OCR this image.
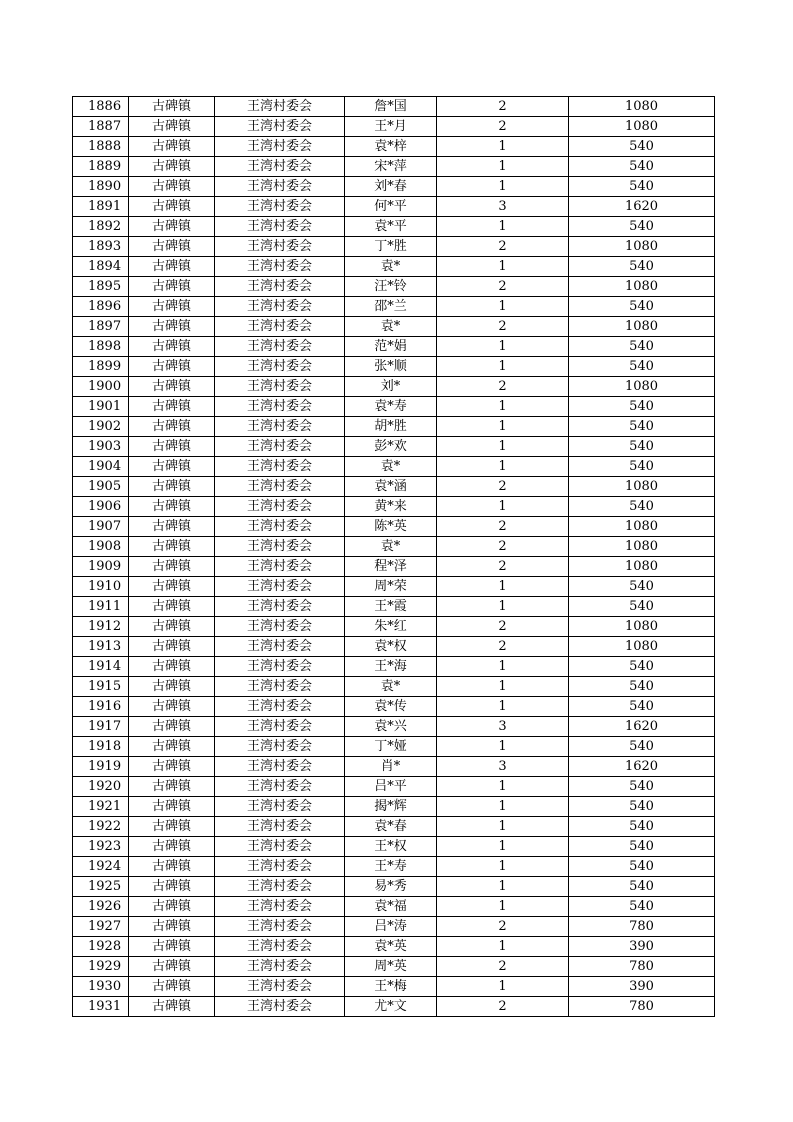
1886	古碑镇	王湾村委会	詹*国	2	1080
1887	古碑镇	王湾村委会	王*月	2	1080
1888	古碑镇	王湾村委会	袁*梓	1	540
1889	古碑镇	王湾村委会	宋*萍	1	540
1890	古碑镇	王湾村委会	刘*春	1	540
1891	古碑镇	王湾村委会	何*平	3	1620
1892	古碑镇	王湾村委会	袁*平	1	540
1893	古碑镇	王湾村委会	丁*胜	2	1080
1894	古碑镇	王湾村委会	袁*	1	540
1895	古碑镇	王湾村委会	汪*铃	2	1080
1896	古碑镇	王湾村委会	邵*兰	1	540
1897	古碑镇	王湾村委会	袁*	2	1080
1898	古碑镇	王湾村委会	范*娟	1	540
1899	古碑镇	王湾村委会	张*顺	1	540
1900	古碑镇	王湾村委会	刘*	2	1080
1901	古碑镇	王湾村委会	袁*寿	1	540
1902	古碑镇	王湾村委会	胡*胜	1	540
1903	古碑镇	王湾村委会	彭*欢	1	540
1904	古碑镇	王湾村委会	袁*	1	540
1905	古碑镇	王湾村委会	袁*涵	2	1080
1906	古碑镇	王湾村委会	黄*来	1	540
1907	古碑镇	王湾村委会	陈*英	2	1080
1908	古碑镇	王湾村委会	袁*	2	1080
1909	古碑镇	王湾村委会	程*泽	2	1080
1910	古碑镇	王湾村委会	周*荣	1	540
1911	古碑镇	王湾村委会	王*霞	1	540
1912	古碑镇	王湾村委会	朱*红	2	1080
1913	古碑镇	王湾村委会	袁*权	2	1080
1914	古碑镇	王湾村委会	王*海	1	540
1915	古碑镇	王湾村委会	袁*	1	540
1916	古碑镇	王湾村委会	袁*传	1	540
1917	古碑镇	王湾村委会	袁*兴	3	1620
1918	古碑镇	王湾村委会	丁*娅	1	540
1919	古碑镇	王湾村委会	肖*	3	1620
1920	古碑镇	王湾村委会	吕*平	1	540
1921	古碑镇	王湾村委会	揭*辉	1	540
1922	古碑镇	王湾村委会	袁*春	1	540
1923	古碑镇	王湾村委会	王*权	1	540
1924	古碑镇	王湾村委会	王*寿	1	540
1925	古碑镇	王湾村委会	易*秀	1	540
1926	古碑镇	王湾村委会	袁*福	1	540
1927	古碑镇	王湾村委会	吕*涛	2	780
1928	古碑镇	王湾村委会	袁*英	1	390
1929	古碑镇	王湾村委会	周*英	2	780
1930	古碑镇	王湾村委会	王*梅	1	390
1931	古碑镇	王湾村委会	尤*文	2	780
